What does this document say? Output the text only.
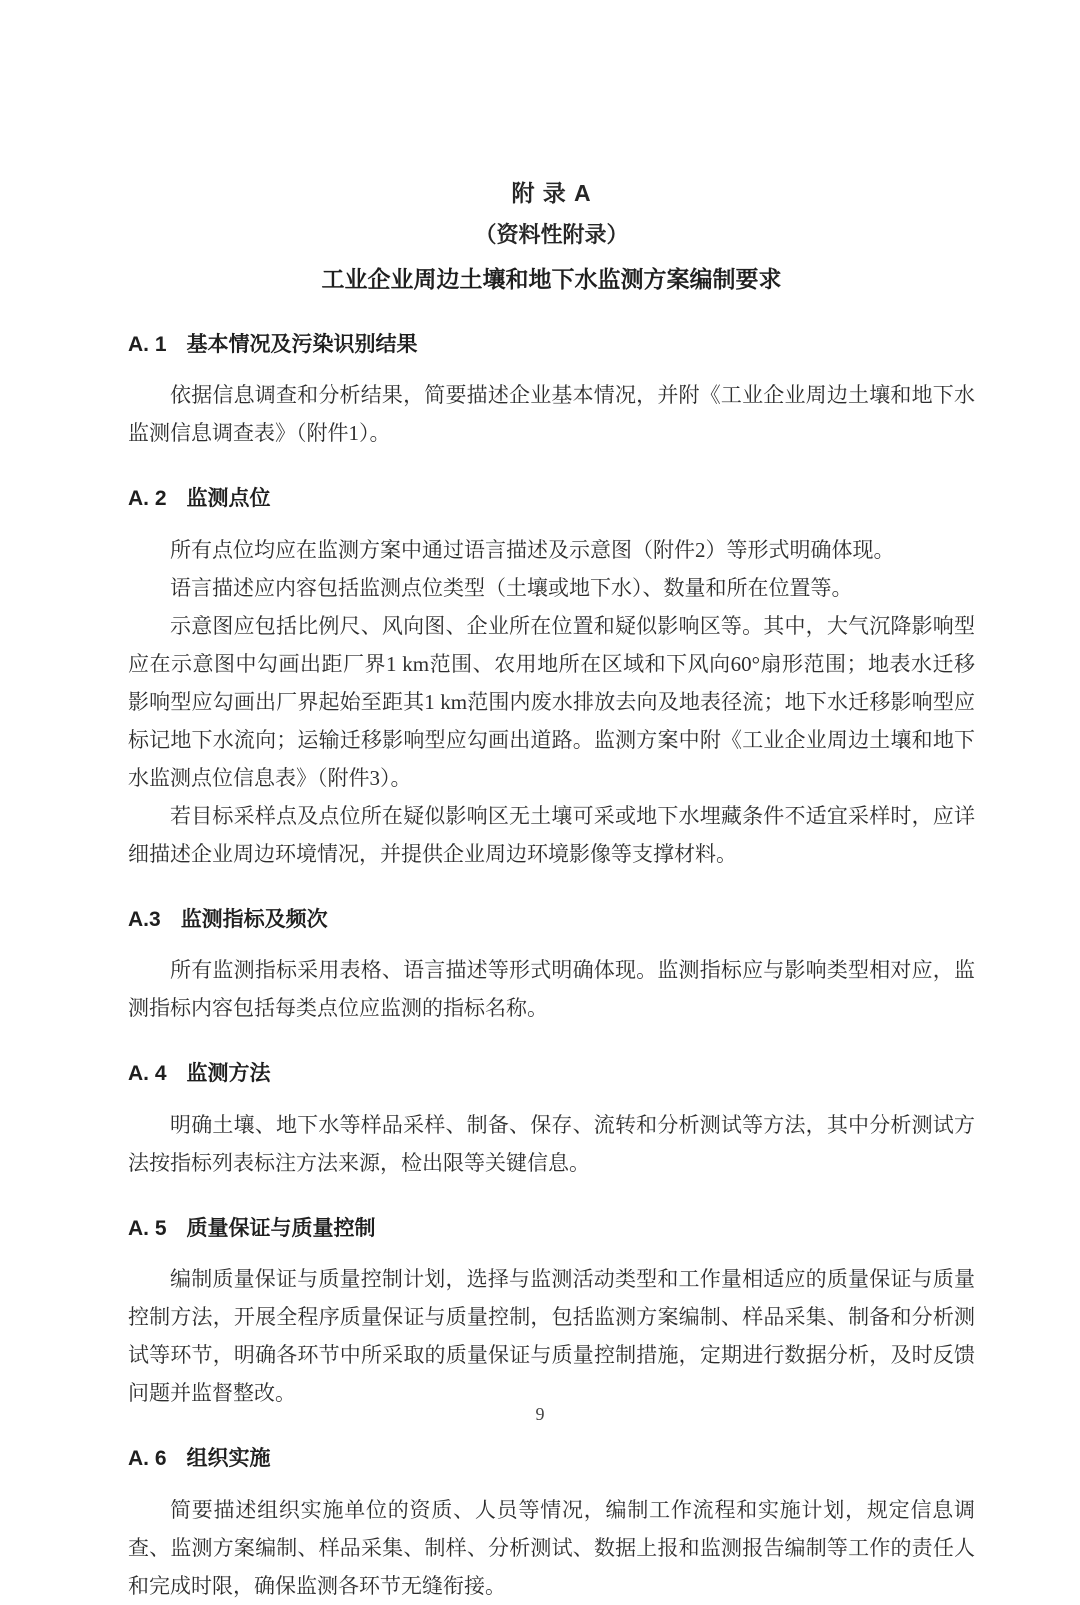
附 录 A
（资料性附录）
工业企业周边土壤和地下水监测方案编制要求
A. 1 基本情况及污染识别结果

依据信息调查和分析结果，简要描述企业基本情况，并附《工业企业周边土壤和地下水监测信息调查表》（附件1）。

A. 2 监测点位

所有点位均应在监测方案中通过语言描述及示意图（附件2）等形式明确体现。

语言描述应内容包括监测点位类型（土壤或地下水）、数量和所在位置等。

示意图应包括比例尺、风向图、企业所在位置和疑似影响区等。其中，大气沉降影响型应在示意图中勾画出距厂界1 km范围、农用地所在区域和下风向60°扇形范围；地表水迁移影响型应勾画出厂界起始至距其1 km范围内废水排放去向及地表径流；地下水迁移影响型应标记地下水流向；运输迁移影响型应勾画出道路。监测方案中附《工业企业周边土壤和地下水监测点位信息表》（附件3）。

若目标采样点及点位所在疑似影响区无土壤可采或地下水埋藏条件不适宜采样时，应详细描述企业周边环境情况，并提供企业周边环境影像等支撑材料。

A.3 监测指标及频次

所有监测指标采用表格、语言描述等形式明确体现。监测指标应与影响类型相对应，监测指标内容包括每类点位应监测的指标名称。

A. 4 监测方法

明确土壤、地下水等样品采样、制备、保存、流转和分析测试等方法，其中分析测试方法按指标列表标注方法来源，检出限等关键信息。

A. 5 质量保证与质量控制

编制质量保证与质量控制计划，选择与监测活动类型和工作量相适应的质量保证与质量控制方法，开展全程序质量保证与质量控制，包括监测方案编制、样品采集、制备和分析测试等环节，明确各环节中所采取的质量保证与质量控制措施，定期进行数据分析，及时反馈问题并监督整改。

A. 6 组织实施

简要描述组织实施单位的资质、人员等情况，编制工作流程和实施计划，规定信息调查、监测方案编制、样品采集、制样、分析测试、数据上报和监测报告编制等工作的责任人和完成时限，确保监测各环节无缝衔接。

9
